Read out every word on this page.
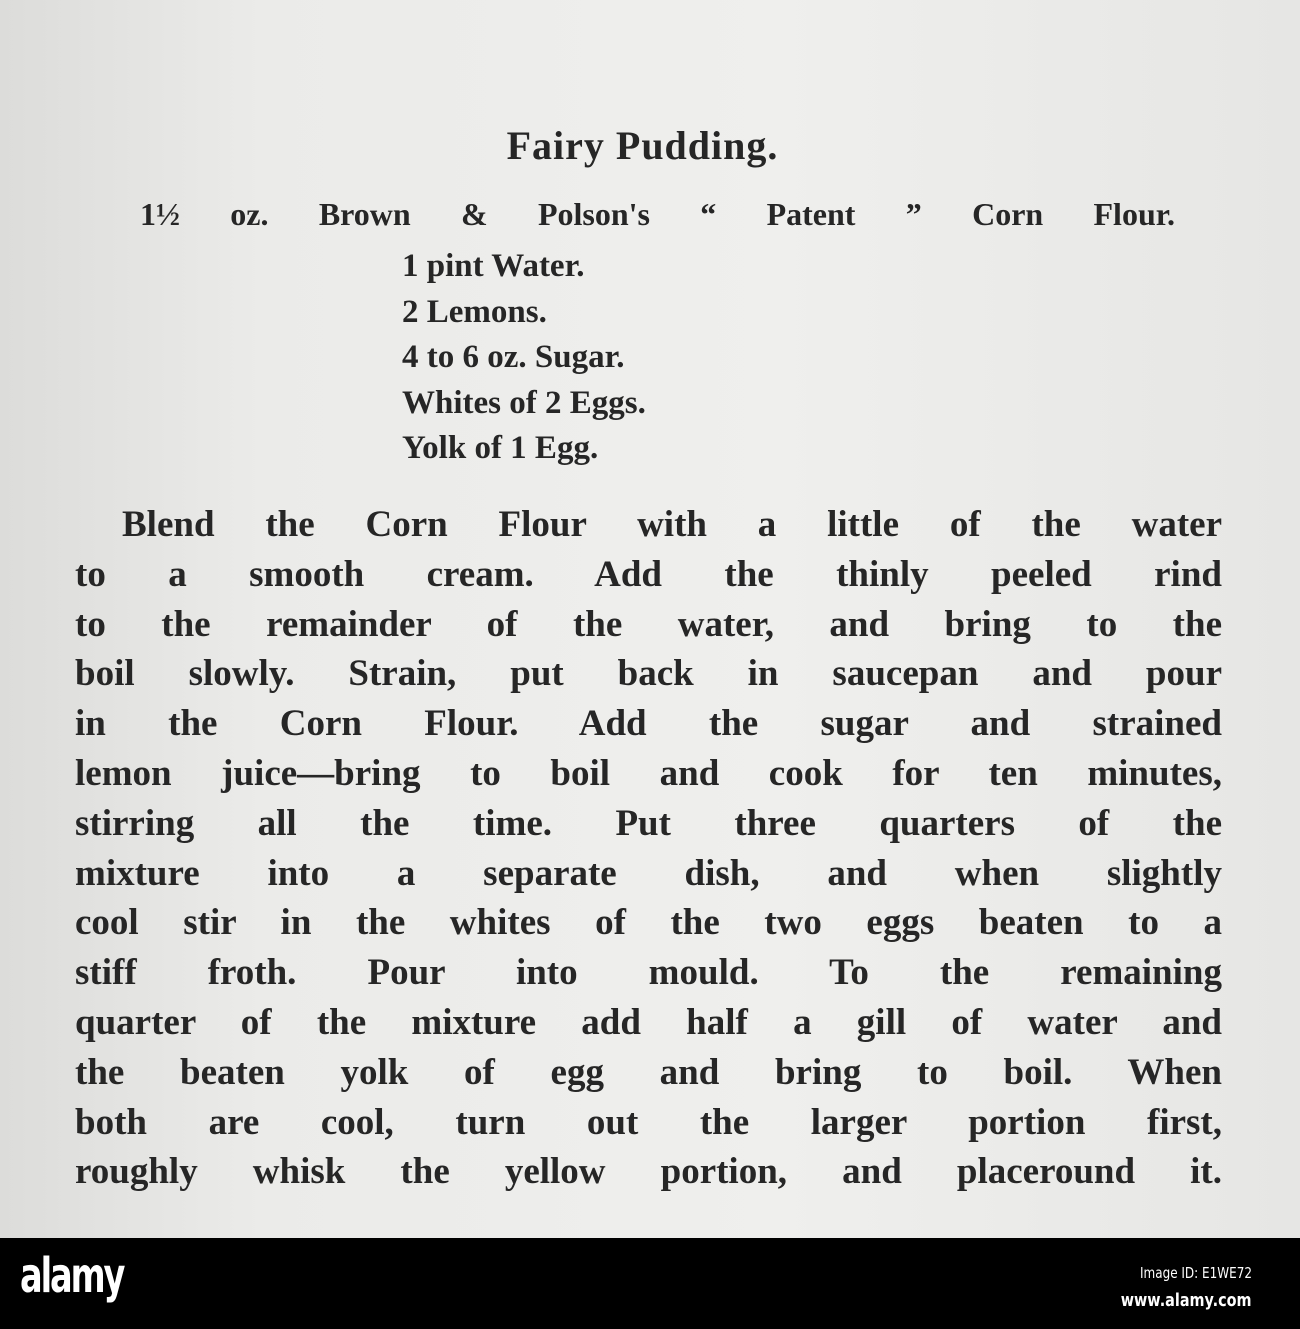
Fairy Pudding.
1½ oz. Brown & Polson's “ Patent ” Corn Flour.
1 pint Water.
2 Lemons.
4 to 6 oz. Sugar.
Whites of 2 Eggs.
Yolk of 1 Egg.
Blend the Corn Flour with a little of the water
to a smooth cream. Add the thinly peeled rind
to the remainder of the water, and bring to the
boil slowly. Strain, put back in saucepan and pour
in the Corn Flour. Add the sugar and strained
lemon juice—bring to boil and cook for ten minutes,
stirring all the time. Put three quarters of the
mixture into a separate dish, and when slightly
cool stir in the whites of the two eggs beaten to a
stiff froth. Pour into mould. To the remaining
quarter of the mixture add half a gill of water and
the beaten yolk of egg and bring to boil. When
both are cool, turn out the larger portion first,
roughly whisk the yellow portion, and placeround it.
alamy	Image ID: E1WE72
www.alamy.com
